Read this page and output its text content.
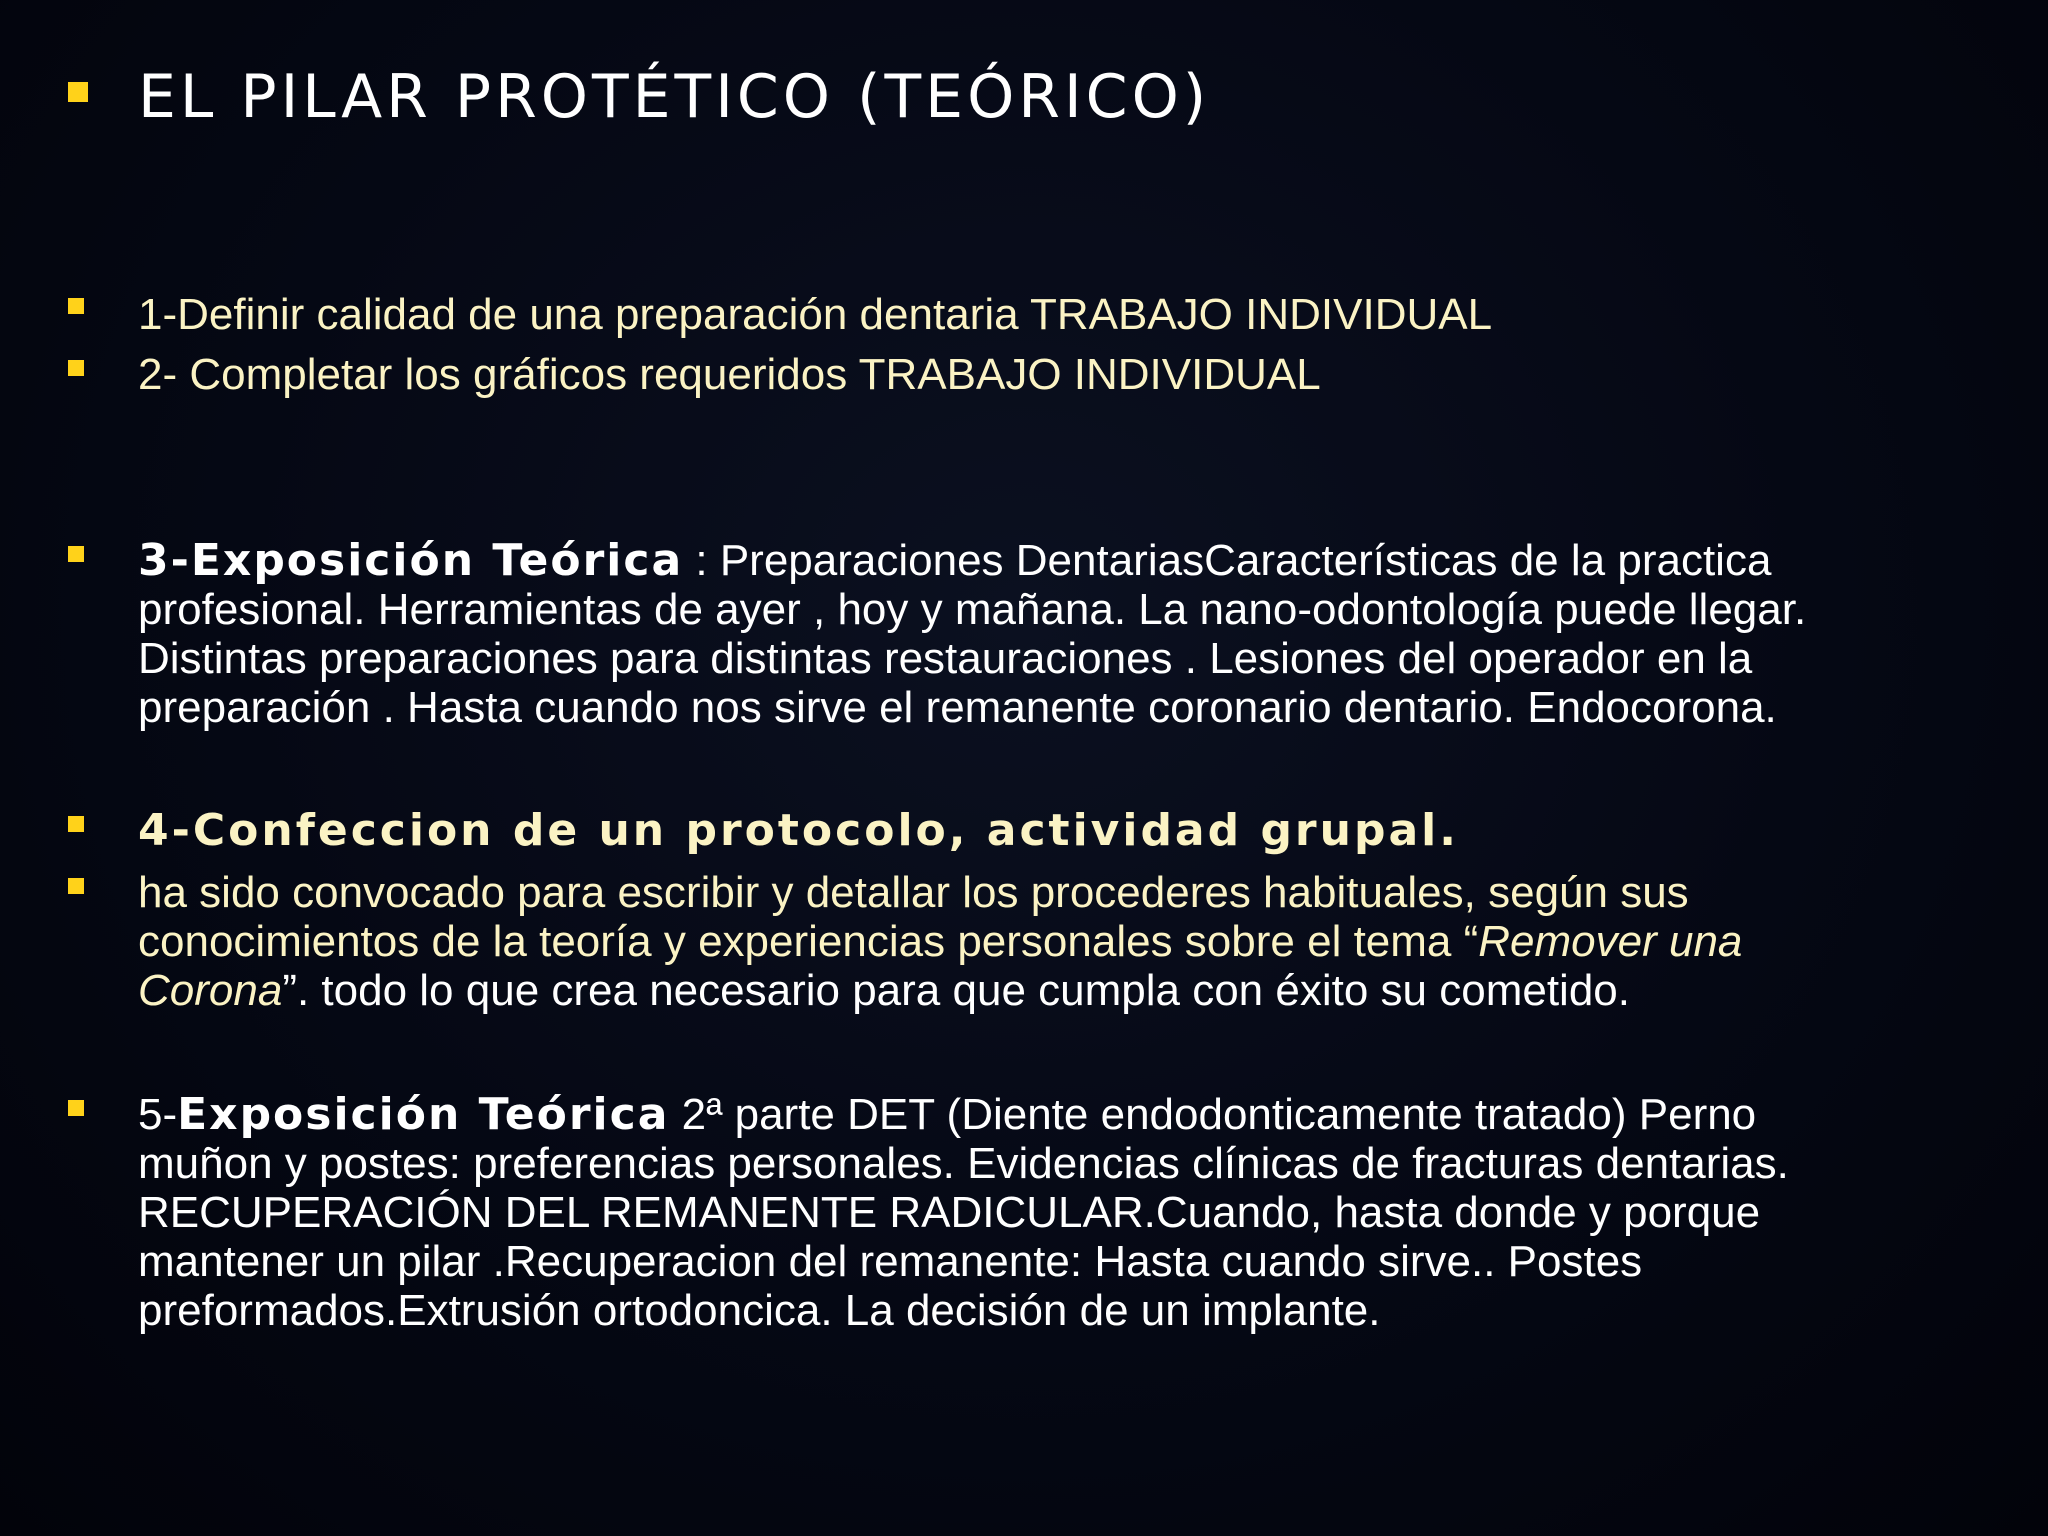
EL PILAR PROTÉTICO (TEÓRICO)
1-Definir calidad de una preparación dentaria TRABAJO INDIVIDUAL
2- Completar los gráficos requeridos TRABAJO INDIVIDUAL
3-Exposición Teórica : Preparaciones DentariasCaracterísticas de la practica
profesional. Herramientas de ayer , hoy y mañana. La nano-odontología puede llegar.
Distintas preparaciones para distintas restauraciones . Lesiones del operador en la
preparación . Hasta cuando nos sirve el remanente coronario dentario. Endocorona.
4-Confeccion de un protocolo, actividad grupal.
ha sido convocado para escribir y detallar los procederes habituales, según sus
conocimientos de la teoría y experiencias personales sobre el tema “Remover una
Corona”. todo lo que crea necesario para que cumpla con éxito su cometido.
5-Exposición Teórica 2ª parte DET (Diente endodonticamente tratado) Perno
muñon y postes: preferencias personales. Evidencias clínicas de fracturas dentarias.
RECUPERACIÓN DEL REMANENTE RADICULAR.Cuando, hasta donde y porque
mantener un pilar .Recuperacion del remanente: Hasta cuando sirve.. Postes
preformados.Extrusión ortodoncica. La decisión de un implante.
